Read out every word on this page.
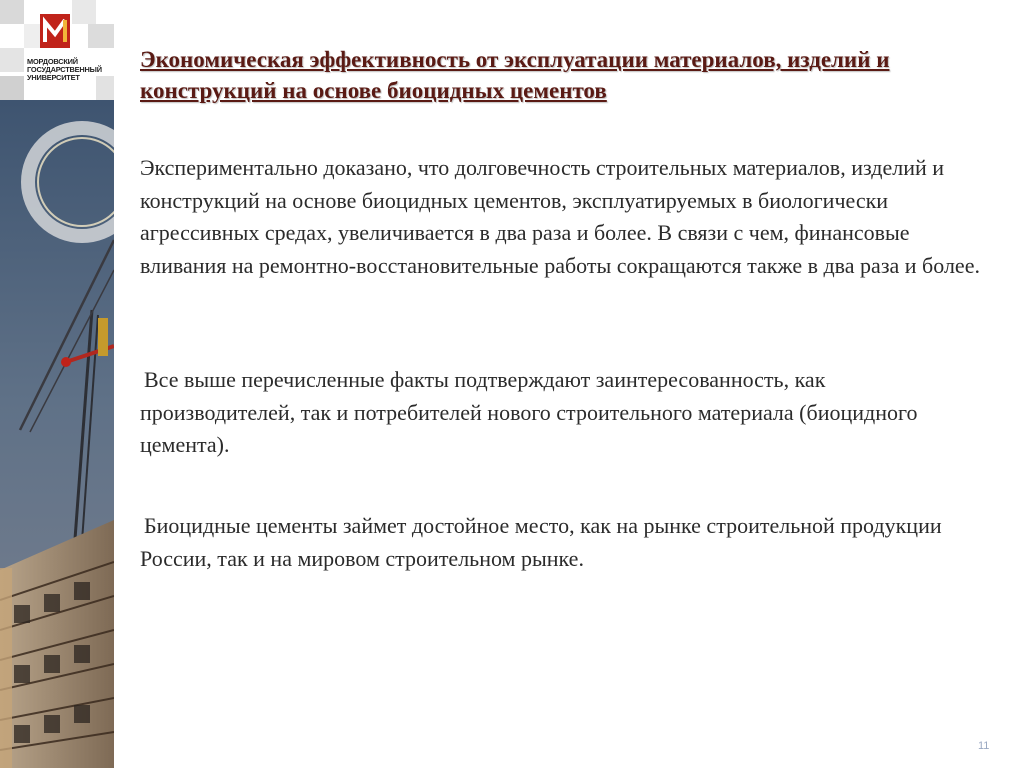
МОРДОВСКИЙ
ГОСУДАРСТВЕННЫЙ
УНИВЕРСИТЕТ
Экономическая эффективность от эксплуатации материалов, изделий и конструкций на основе биоцидных цементов

Экспериментально доказано, что долговечность строительных материалов, изделий и конструкций на основе биоцидных цементов, эксплуатируемых в биологически агрессивных средах, увеличивается в два раза и более. В связи с чем, финансовые вливания на ремонтно-восстановительные работы сокращаются также в два раза и более.

Все выше перечисленные факты подтверждают заинтересованность, как производителей, так и потребителей нового строительного материала (биоцидного цемента).

Биоцидные цементы займет достойное место, как на рынке строительной продукции России, так и на мировом строительном рынке.

11
